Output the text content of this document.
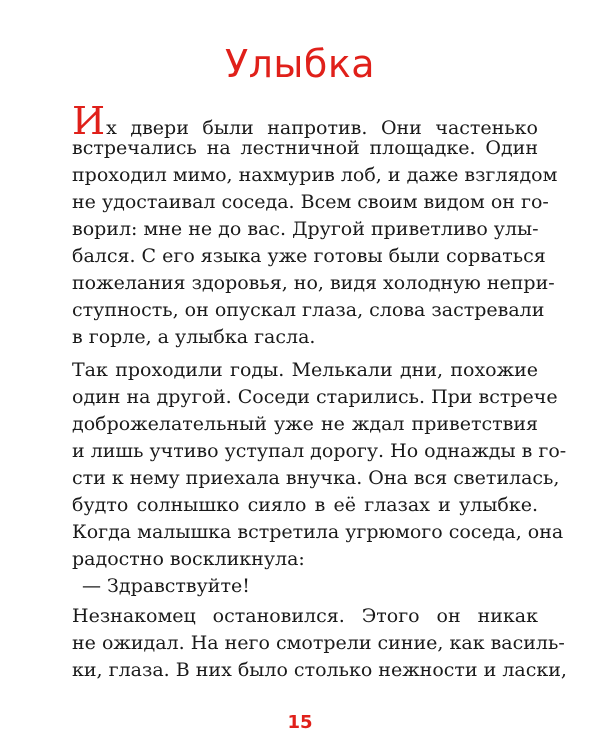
Улыбка
Их двери были напротив. Они частенько
встречались на лестничной площадке. Один
проходил мимо, нахмурив лоб, и даже взглядом
не удостаивал соседа. Всем своим видом он го-
ворил: мне не до вас. Другой приветливо улы-
бался. С его языка уже готовы были сорваться
пожелания здоровья, но, видя холодную непри-
ступность, он опускал глаза, слова застревали
в горле, а улыбка гасла.
Так проходили годы. Мелькали дни, похожие
один на другой. Соседи старились. При встрече
доброжелательный уже не ждал приветствия
и лишь учтиво уступал дорогу. Но однажды в го-
сти к нему приехала внучка. Она вся светилась,
будто солнышко сияло в её глазах и улыбке.
Когда малышка встретила угрюмого соседа, она
радостно воскликнула:
— Здравствуйте!
Незнакомец остановился. Этого он никак
не ожидал. На него смотрели синие, как василь-
ки, глаза. В них было столько нежности и ласки,
15
